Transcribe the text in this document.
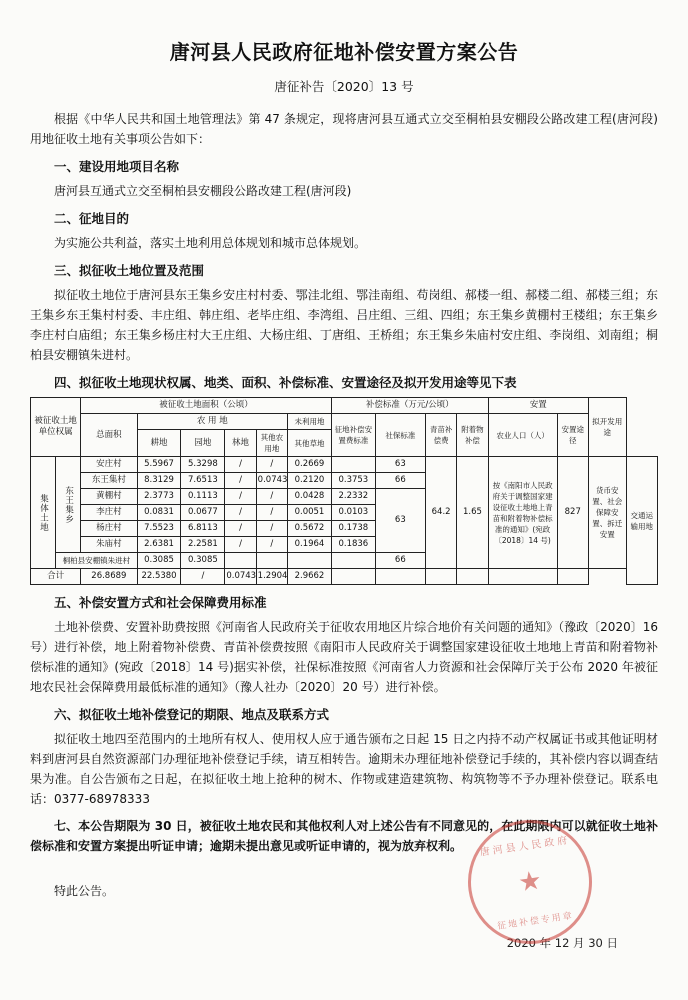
唐河县人民政府征地补偿安置方案公告
唐征补告〔2020〕13 号

根据《中华人民共和国土地管理法》第 47 条规定，现将唐河县互通式立交至桐柏县安棚段公路改建工程(唐河段)用地征收土地有关事项公告如下：

一、建设用地项目名称

唐河县互通式立交至桐柏县安棚段公路改建工程(唐河段)

二、征地目的

为实施公共利益，落实土地利用总体规划和城市总体规划。

三、拟征收土地位置及范围

拟征收土地位于唐河县东王集乡安庄村村委、鄂洼北组、鄂洼南组、苟岗组、郝楼一组、郝楼二组、郝楼三组；东王集乡东王集村村委、丰庄组、韩庄组、老毕庄组、李湾组、吕庄组、三组、四组；东王集乡黄棚村王楼组；东王集乡李庄村白庙组；东王集乡杨庄村大王庄组、大杨庄组、丁唐组、王桥组；东王集乡朱庙村安庄组、李岗组、刘南组；桐柏县安棚镇朱进村。

四、拟征收土地现状权属、地类、面积、补偿标准、安置途径及拟开发用途等见下表
被征收土地单位权属		被征收土地面积（公顷）						补偿标准（万元/公顷）				安置		拟开发用途	
		总面积	农 用 地				未利用地	征地补偿安置费标准	社保标准	青苗补偿费	附着物补偿	农业人口（人）	安置途径		
			耕地	园地	林地	其他农用地	其他草地								
集体土地	东王集乡	安庄村	5.5967	5.3298	/	/	0.2669		63	64.2	1.65	按《南阳市人民政府关于调整国家建设征收土地地上青苗和附着物补偿标准的通知》(宛政〔2018〕14 号)	827	货币安置、社会保障安置、拆迁安置	交通运输用地
		东王集村	8.3129	7.6513	/	0.0743	0.2120	0.3753	66						
		黄棚村	2.3773	0.1113	/	/	0.0428	2.2332	63						
		李庄村	0.0831	0.0677	/	/	0.0051	0.0103							
		杨庄村	7.5523	6.8113	/	/	0.5672	0.1738							
		朱庙村	2.6381	2.2581	/	/	0.1964	0.1836							
	桐柏县安棚镇朱进村		0.3085	0.3085					66						
合计		26.8689	22.5380	/	0.0743	1.2904	2.9662								
五、补偿安置方式和社会保障费用标准

土地补偿费、安置补助费按照《河南省人民政府关于征收农用地区片综合地价有关问题的通知》（豫政〔2020〕16 号）进行补偿，地上附着物补偿费、青苗补偿费按照《南阳市人民政府关于调整国家建设征收土地地上青苗和附着物补偿标准的通知》(宛政〔2018〕14 号)据实补偿，社保标准按照《河南省人力资源和社会保障厅关于公布 2020 年被征地农民社会保障费用最低标准的通知》（豫人社办〔2020〕20 号）进行补偿。

六、拟征收土地补偿登记的期限、地点及联系方式

拟征收土地四至范围内的土地所有权人、使用权人应于通告颁布之日起 15 日之内持不动产权属证书或其他证明材料到唐河县自然资源部门办理征地补偿登记手续，请互相转告。逾期未办理征地补偿登记手续的，其补偿内容以调查结果为准。自公告颁布之日起，在拟征收土地上抢种的树木、作物或建造建筑物、构筑物等不予办理补偿登记。联系电话：0377-68978333

七、本公告期限为 30 日，被征收土地农民和其他权利人对上述公告有不同意见的，在此期限内可以就征收土地补偿标准和安置方案提出听证申请；逾期未提出意见或听证申请的，视为放弃权利。

特此公告。

唐河县人民政府
★
征地补偿专用章
2020 年 12 月 30 日
